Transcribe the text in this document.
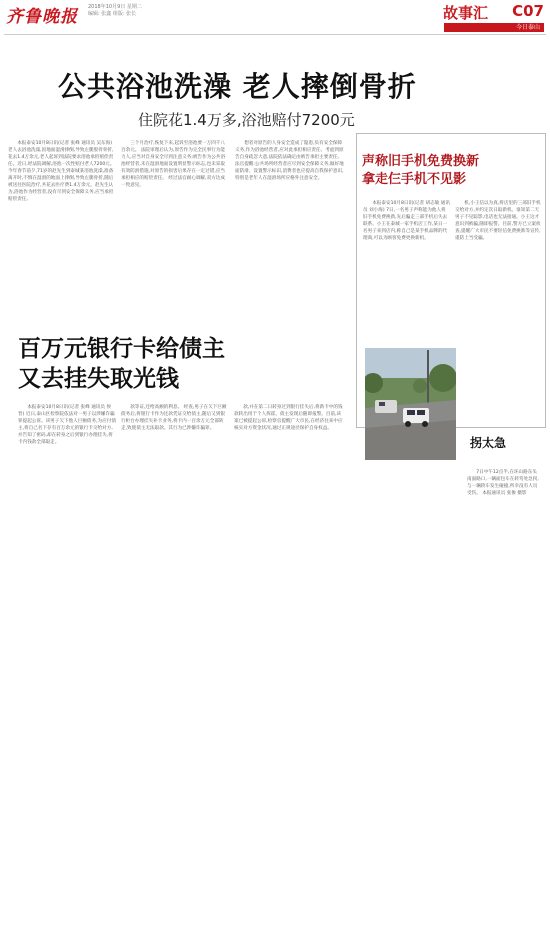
齐鲁晚报 2018年10月9日 星期二
编辑: 张鑫 组版: 张长	故事汇 C07
今日泰山
公共浴池洗澡 老人摔倒骨折
住院花1.4万多,浴池赔付7200元

本报泰安10月8日讯(记者 张峰 通讯员 吴东海) 老人去浴池洗澡,因地面湿滑摔倒,导致左腿股骨骨折,花去1.4万余元,老人起诉到法院要求浴池承担赔偿责任。近日,经法院调解,浴池一次性赔付老人7200元。今年春节前夕,71岁的赵先生到泰城某浴池洗澡,准备离开时,不慎在湿滑的地面上摔倒,导致左腿骨折,随后被送往医院治疗,共花去医疗费1.4万余元。赵先生认为,浴池作为经营者,没有尽到安全保障义务,应当承担赔偿责任。

三个月治疗,恢复下来,起诉至浴池要一万四千八百余元。 法院审理后认为,原告作为完全民事行为能力人,应当对自身安全尽到注意义务;被告作为公共浴池经营者,未在湿滑地面设置明显警示标志,也未采取有效防滑措施,对原告的损害后果存在一定过错,应当承担相应的赔偿责任。 经过法官耐心调解,双方达成一致意见。

想者对原告的人身安全造成了隐患,负有安全保障义务,作为浴池经营者,应对此承担相应责任。考虑到原告自身疏忽大意,法院依法确定由被告承担主要责任。 法官提醒:公共场所经营者应尽到安全保障义务,做好地面防滑、设置警示标识,消费者也应提高自我保护意识,特别是老年人在湿滑场所应格外注意安全。

声称旧手机免费换新
拿走仨手机不见影

本报泰安10月8日讯(记者 胡志敏 通讯员 刘小海) 7日,一名男子声称能为他人将旧手机免费换新,先后骗走三部手机后失去联系。小王在泰城一家手机店工作,某日一名男子来到店内,称自己是某手机品牌的代理商,可以为顾客免费更换新机。

机,小王信以为真,将店里的三部旧手机交给对方,并约定次日取新机。谁知第二天男子不见踪影,电话也无法接通。小王这才意识到被骗,随即报警。目前,警方已立案侦查,提醒广大市民不要轻信免费换新等宣传,谨防上当受骗。

百万元银行卡给债主
又去挂失取光钱

本报泰安10月8日讯(记者 张峰 通讯员 侯晋) 近日,泰山区检察院依法对一男子以涉嫌诈骗罪提起公诉。该男子欠下他人巨额债务,为应付债主,将自己名下存有百万余元的银行卡交给对方,并告知了密码,却在转身之后到银行办理挂失,将卡内钱款全部取走。

款等证,还给高额的利息。 经查,男子在欠下巨额债务后,将银行卡作为还款凭证交给债主,随后又到银行柜台办理挂失补卡业务,将卡内一百余万元全部转走,致使债主无法取款。其行为已涉嫌诈骗罪。

款,并在第二日转身过到银行挂失后,将新卡中的钱款转出用于个人挥霍。债主发现后随即报警。目前,该案已被提起公诉,检察官提醒广大市民,在经济往来中应核实对方资金状况,通过正规途径保护自身权益。

拐太急

7日中午12点半,在环山路东头南面路口,一辆面包车在转弯处急拐,与一辆轿车发生碰撞,所幸没有人员受伤。 本报通讯员 张俊 摄影
